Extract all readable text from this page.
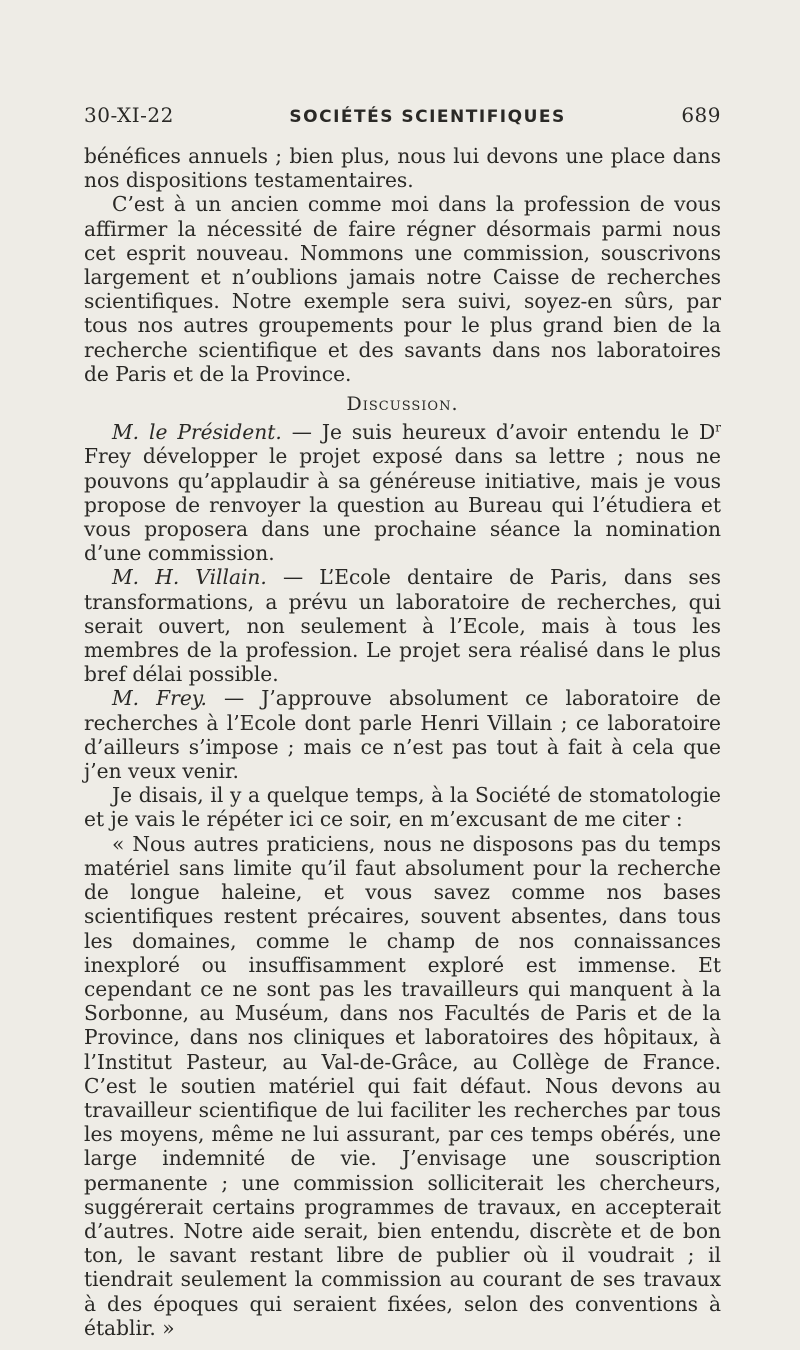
30-XI-22	SOCIÉTÉS SCIENTIFIQUES	689

bénéfices annuels ; bien plus, nous lui devons une place dans nos dispositions testamentaires.

C’est à un ancien comme moi dans la profession de vous affirmer la nécessité de faire régner désormais parmi nous cet esprit nouveau. Nommons une commission, souscrivons largement et n’oublions jamais notre Caisse de recherches scientifiques. Notre exemple sera suivi, soyez-en sûrs, par tous nos autres groupements pour le plus grand bien de la recherche scientifique et des savants dans nos laboratoires de Paris et de la Province.

Discussion.

M. le Président. — Je suis heureux d’avoir entendu le $D^r$ Frey développer le projet exposé dans sa lettre ; nous ne pouvons qu’applaudir à sa généreuse initiative, mais je vous propose de renvoyer la question au Bureau qui l’étudiera et vous proposera dans une prochaine séance la nomination d’une commission.

M. H. Villain. — L’Ecole dentaire de Paris, dans ses transformations, a prévu un laboratoire de recherches, qui serait ouvert, non seulement à l’Ecole, mais à tous les membres de la profession. Le projet sera réalisé dans le plus bref délai possible.

M. Frey. — J’approuve absolument ce laboratoire de recherches à l’Ecole dont parle Henri Villain ; ce laboratoire d’ailleurs s’impose ; mais ce n’est pas tout à fait à cela que j’en veux venir.

Je disais, il y a quelque temps, à la Société de stomatologie et je vais le répéter ici ce soir, en m’excusant de me citer :

« Nous autres praticiens, nous ne disposons pas du temps matériel sans limite qu’il faut absolument pour la recherche de longue haleine, et vous savez comme nos bases scientifiques restent précaires, souvent absentes, dans tous les domaines, comme le champ de nos connaissances inexploré ou insuffisamment exploré est immense. Et cependant ce ne sont pas les travailleurs qui manquent à la Sorbonne, au Muséum, dans nos Facultés de Paris et de la Province, dans nos cliniques et laboratoires des hôpitaux, à l’Institut Pasteur, au Val-de-Grâce, au Collège de France. C’est le soutien matériel qui fait défaut. Nous devons au travailleur scientifique de lui faciliter les recherches par tous les moyens, même ne lui assurant, par ces temps obérés, une large indemnité de vie. J’envisage une souscription permanente ; une commission solliciterait les chercheurs, suggérerait certains programmes de travaux, en accepterait d’autres. Notre aide serait, bien entendu, discrète et de bon ton, le savant restant libre de publier où il voudrait ; il tiendrait seulement la commission au courant de ses travaux à des époques qui seraient fixées, selon des conventions à établir. »
